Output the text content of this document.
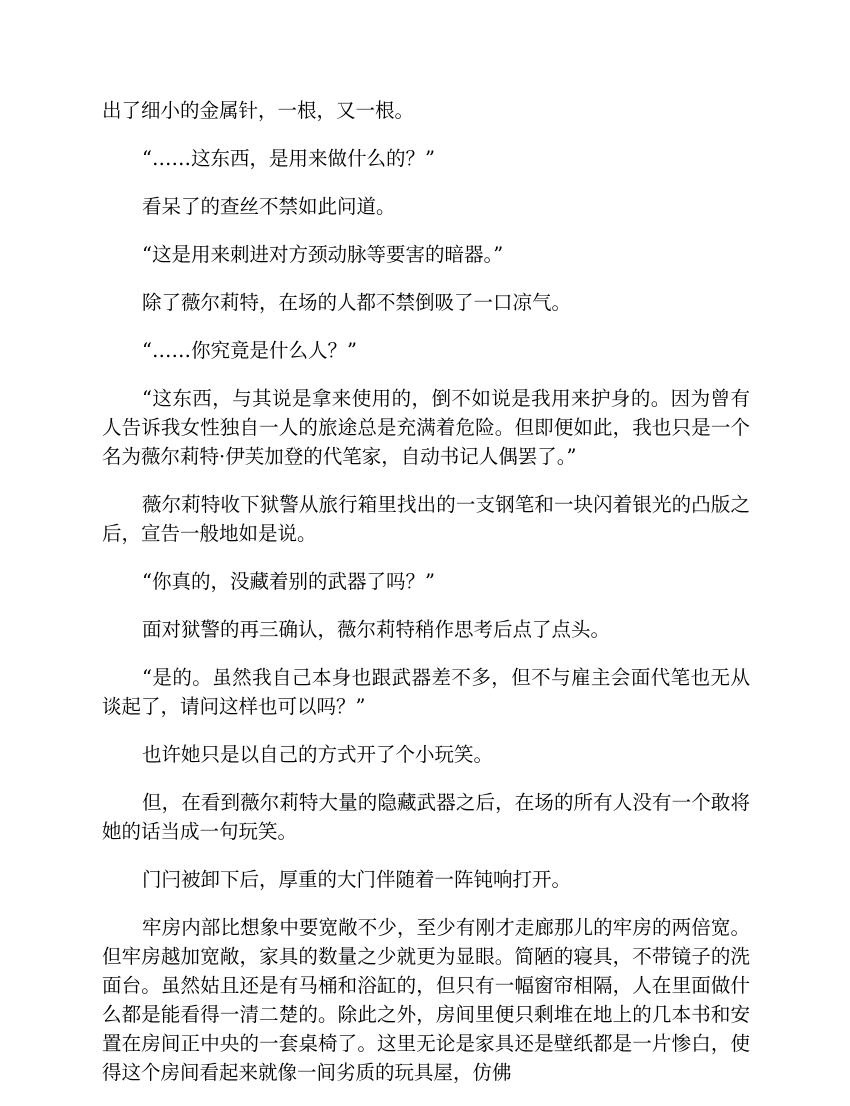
出了细小的金属针，一根，又一根。

“……这东西，是用来做什么的？”

看呆了的查丝不禁如此问道。

“这是用来刺进对方颈动脉等要害的暗器。”

除了薇尔莉特，在场的人都不禁倒吸了一口凉气。

“……你究竟是什么人？”

“这东西，与其说是拿来使用的，倒不如说是我用来护身的。因为曾有人告诉我女性独自一人的旅途总是充满着危险。但即便如此，我也只是一个名为薇尔莉特·伊芙加登的代笔家，自动书记人偶罢了。”

薇尔莉特收下狱警从旅行箱里找出的一支钢笔和一块闪着银光的凸版之后，宣告一般地如是说。

“你真的，没藏着别的武器了吗？”

面对狱警的再三确认，薇尔莉特稍作思考后点了点头。

“是的。虽然我自己本身也跟武器差不多，但不与雇主会面代笔也无从谈起了，请问这样也可以吗？”

也许她只是以自己的方式开了个小玩笑。

但，在看到薇尔莉特大量的隐藏武器之后，在场的所有人没有一个敢将她的话当成一句玩笑。

门闩被卸下后，厚重的大门伴随着一阵钝响打开。

牢房内部比想象中要宽敞不少，至少有刚才走廊那儿的牢房的两倍宽。但牢房越加宽敞，家具的数量之少就更为显眼。简陋的寝具，不带镜子的洗面台。虽然姑且还是有马桶和浴缸的，但只有一幅窗帘相隔，人在里面做什么都是能看得一清二楚的。除此之外，房间里便只剩堆在地上的几本书和安置在房间正中央的一套桌椅了。这里无论是家具还是壁纸都是一片惨白，使得这个房间看起来就像一间劣质的玩具屋，仿佛
